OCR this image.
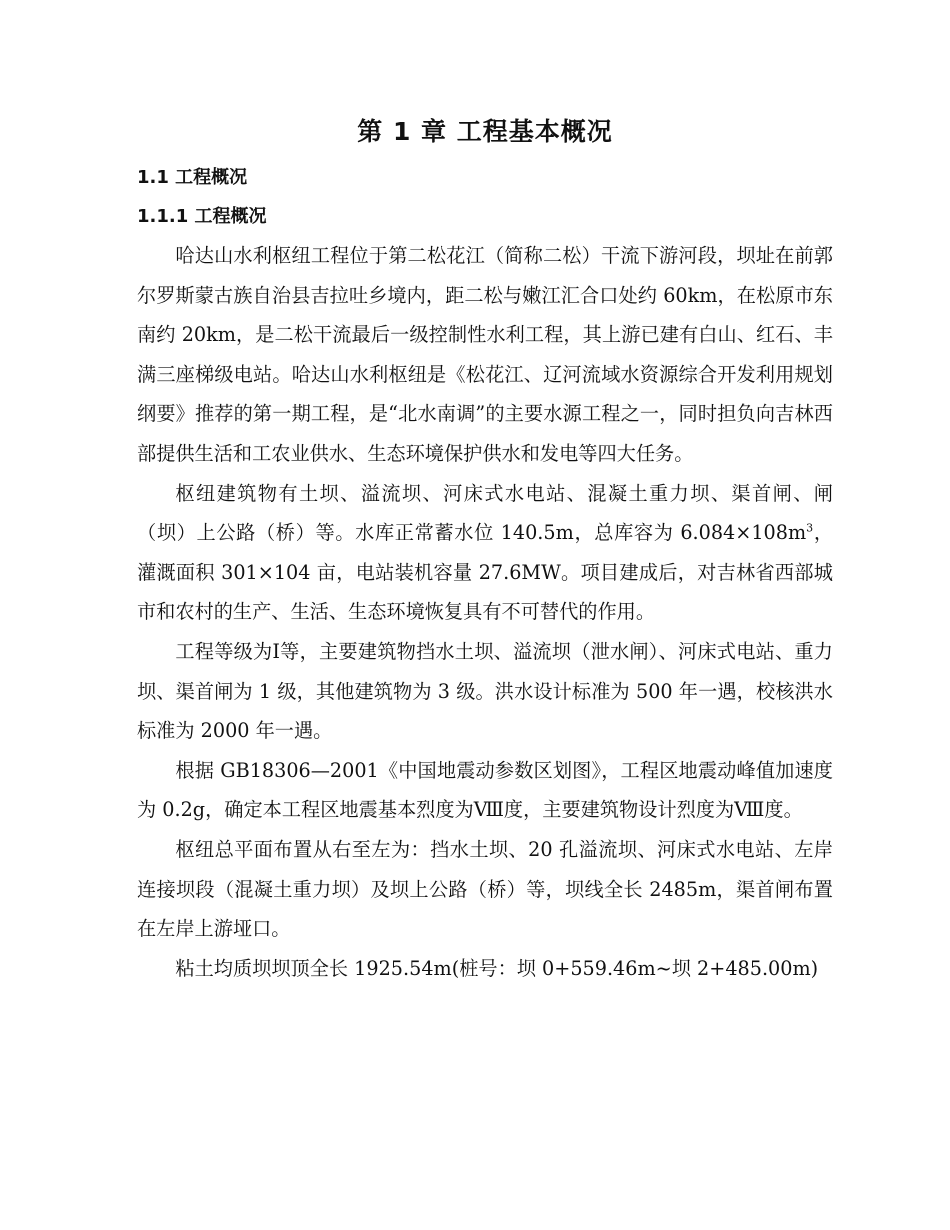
第 1 章 工程基本概况
1.1 工程概况
1.1.1 工程概况

哈达山水利枢纽工程位于第二松花江（简称二松）干流下游河段，坝址在前郭尔罗斯蒙古族自治县吉拉吐乡境内，距二松与嫩江汇合口处约 60km，在松原市东南约 20km，是二松干流最后一级控制性水利工程，其上游已建有白山、红石、丰满三座梯级电站。哈达山水利枢纽是《松花江、辽河流域水资源综合开发利用规划纲要》推荐的第一期工程，是“北水南调”的主要水源工程之一，同时担负向吉林西部提供生活和工农业供水、生态环境保护供水和发电等四大任务。

枢纽建筑物有土坝、溢流坝、河床式水电站、混凝土重力坝、渠首闸、闸（坝）上公路（桥）等。水库正常蓄水位 140.5m，总库容为 $6.084\times 108m^3$， 灌溉面积 301×104 亩，电站装机容量 27.6MW。项目建成后，对吉林省西部城市和农村的生产、生活、生态环境恢复具有不可替代的作用。

工程等级为Ⅰ等，主要建筑物挡水土坝、溢流坝（泄水闸）、河床式电站、重力坝、渠首闸为 1 级，其他建筑物为 3 级。洪水设计标准为 500 年一遇，校核洪水标准为 2000 年一遇。

根据 GB18306—2001《中国地震动参数区划图》，工程区地震动峰值加速度为 0.2g，确定本工程区地震基本烈度为Ⅷ度，主要建筑物设计烈度为Ⅷ度。

枢纽总平面布置从右至左为：挡水土坝、20 孔溢流坝、河床式水电站、左岸连接坝段（混凝土重力坝）及坝上公路（桥）等，坝线全长 2485m，渠首闸布置在左岸上游垭口。

粘土均质坝坝顶全长 1925.54m(桩号：坝 0+559.46m~坝 2+485.00m)
